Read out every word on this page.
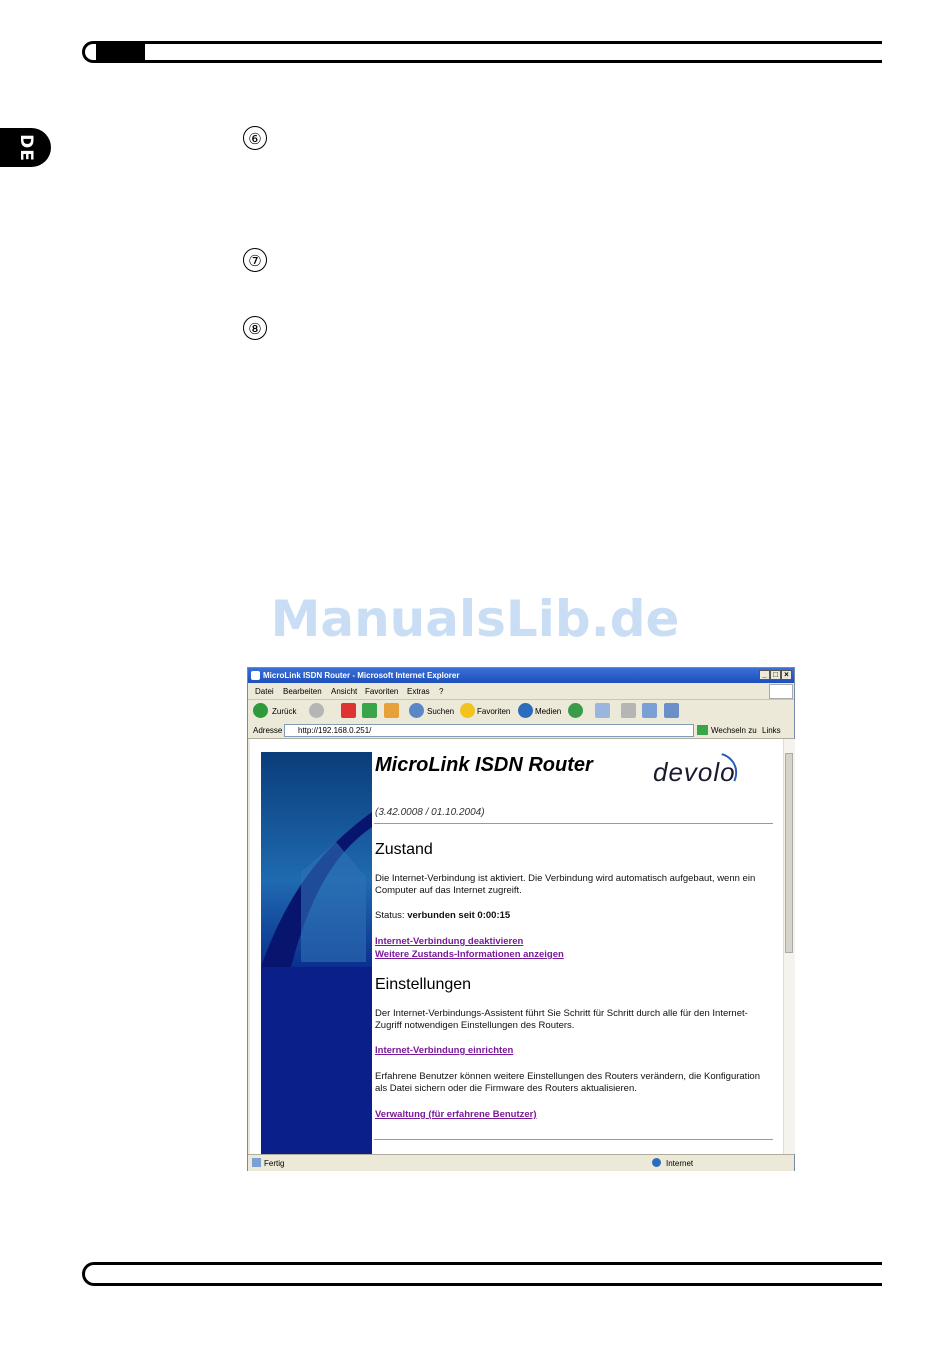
DE	⑥
⑦
⑧
ManualsLib.de
MicroLink ISDN Router - Microsoft Internet Explorer	_ □ ×
Datei Bearbeiten Ansicht Favoriten Extras ?
Zurück	Suchen	Favoriten	Medien
Adresse http://192.168.0.251/	Wechseln zu Links
MicroLink ISDN Router devolo
(3.42.0008 / 01.10.2004)
Zustand
Die Internet-Verbindung ist aktiviert. Die Verbindung wird automatisch aufgebaut, wenn ein Computer auf das Internet zugreift.
Status: verbunden seit 0:00:15
Internet-Verbindung deaktivieren
Weitere Zustands-Informationen anzeigen
Einstellungen
Der Internet-Verbindungs-Assistent führt Sie Schritt für Schritt durch alle für den Internet-Zugriff notwendigen Einstellungen des Routers.
Internet-Verbindung einrichten
Erfahrene Benutzer können weitere Einstellungen des Routers verändern, die Konfiguration als Datei sichern oder die Firmware des Routers aktualisieren.
Verwaltung (für erfahrene Benutzer)
Fertig	Internet
